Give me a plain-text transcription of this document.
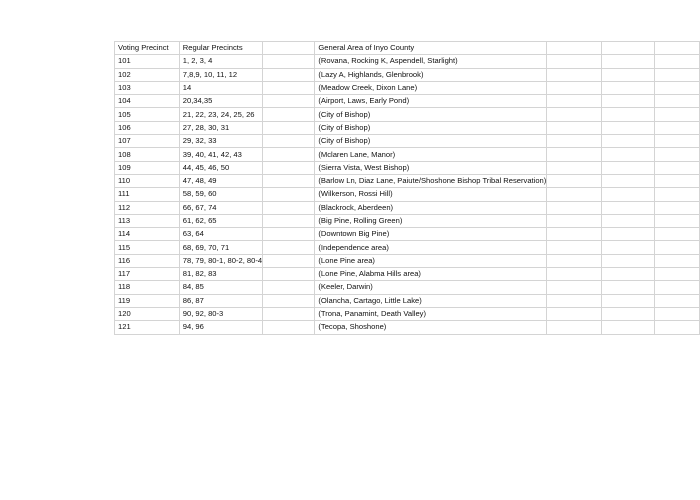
Voting Precinct	Regular Precincts		General Area of Inyo County			
101	1, 2, 3, 4		(Rovana, Rocking K, Aspendell, Starlight)			
102	7,8,9, 10, 11, 12		(Lazy A, Highlands, Glenbrook)			
103	14		(Meadow Creek, Dixon Lane)			
104	20,34,35		(Airport, Laws, Early Pond)			
105	21, 22, 23, 24, 25, 26		(City of Bishop)			
106	27, 28, 30, 31		(City of Bishop)			
107	29, 32, 33		(City of Bishop)			
108	39, 40, 41, 42, 43		(Mclaren Lane, Manor)			
109	44, 45, 46, 50		(Sierra Vista, West Bishop)			
110	47, 48, 49		(Barlow Ln, Diaz Lane, Paiute/Shoshone Bishop Tribal Reservation)			
111	58, 59, 60		(Wilkerson, Rossi Hill)			
112	66, 67, 74		(Blackrock, Aberdeen)			
113	61, 62, 65		(Big Pine, Rolling Green)			
114	63, 64		(Downtown Big Pine)			
115	68, 69, 70, 71		(Independence area)			
116	78, 79, 80-1, 80-2, 80-4		(Lone Pine area)			
117	81, 82, 83		(Lone Pine, Alabma Hills area)			
118	84, 85		(Keeler, Darwin)			
119	86, 87		(Olancha, Cartago, Little Lake)			
120	90, 92, 80-3		(Trona, Panamint, Death Valley)			
121	94, 96		(Tecopa, Shoshone)			
